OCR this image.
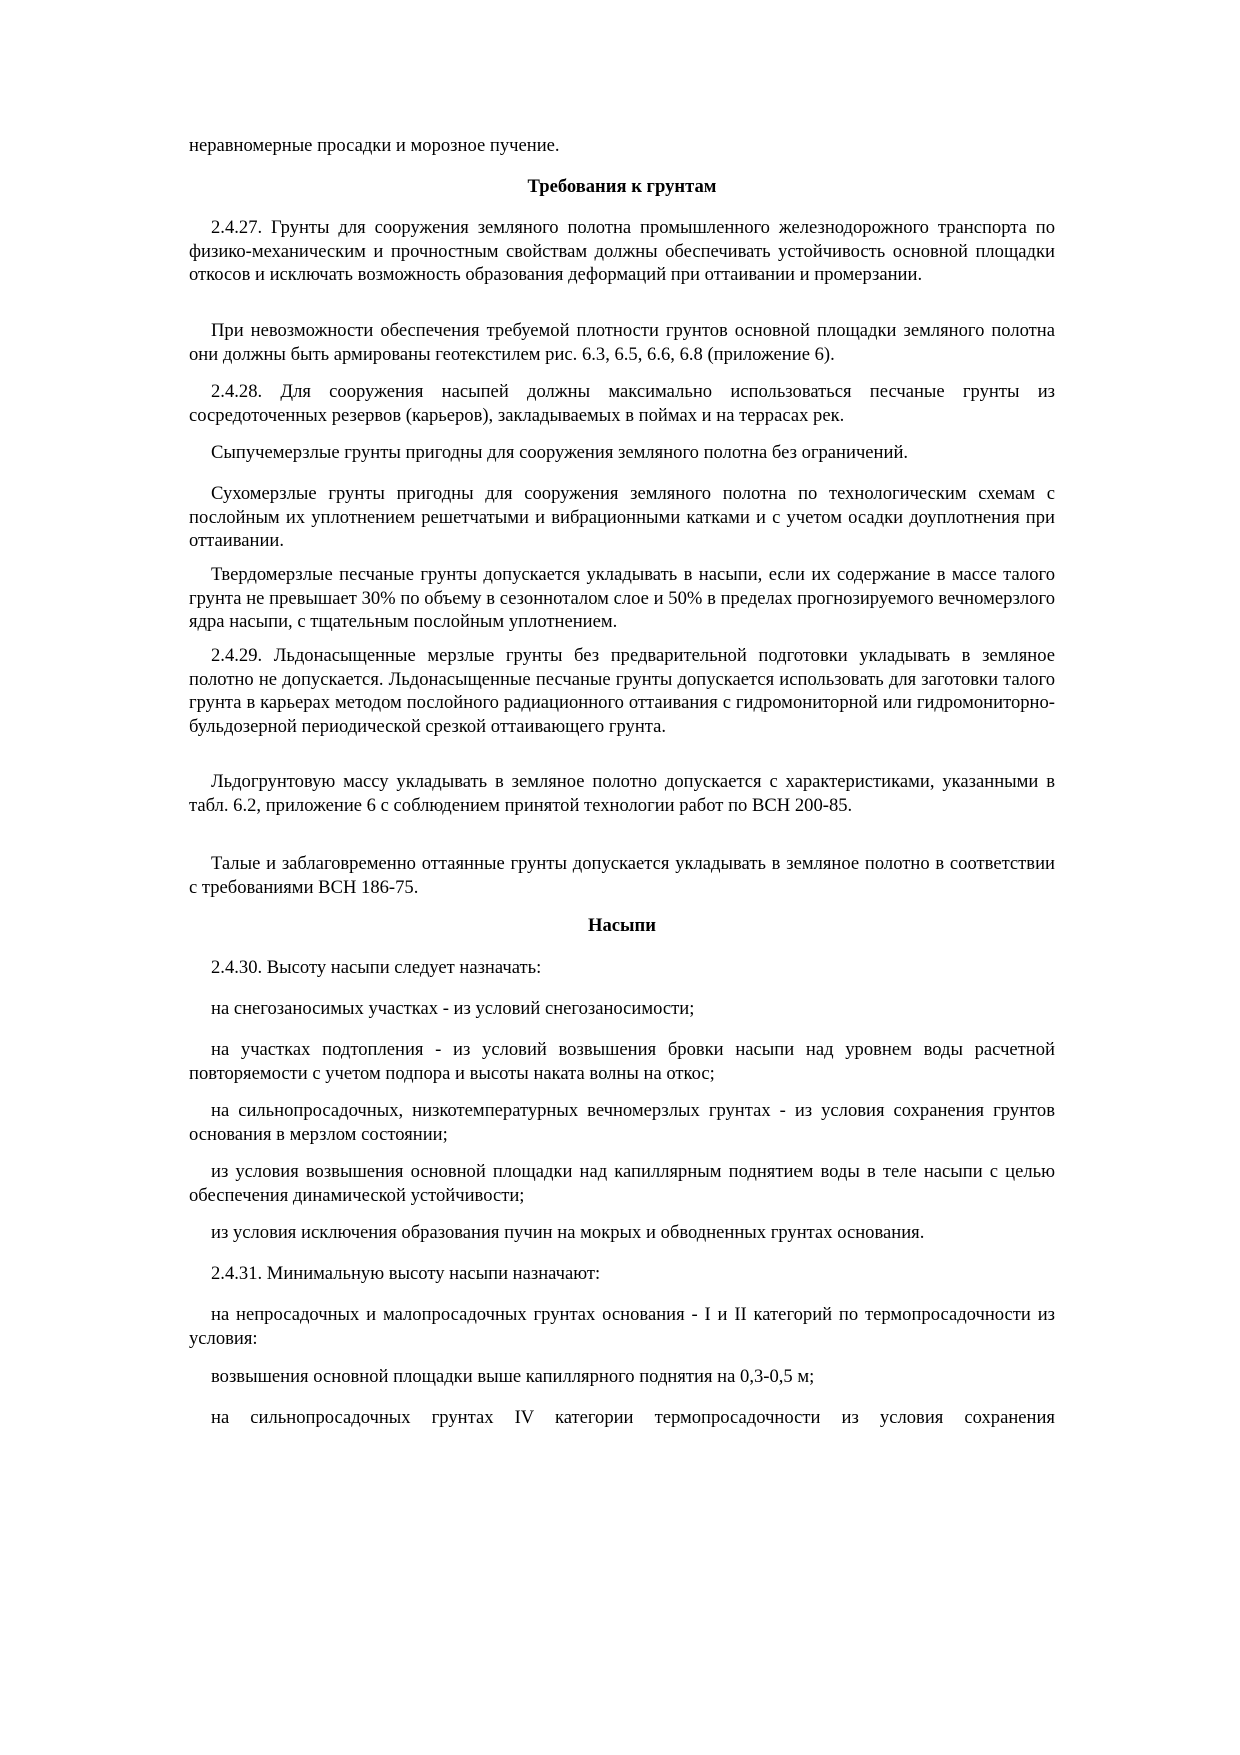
неравномерные просадки и морозное пучение.

Требования к грунтам

2.4.27. Грунты для сооружения земляного полотна промышленного железнодорожного транспорта по физико-механическим и прочностным свойствам должны обеспечивать устойчивость основной площадки откосов и исключать возможность образования деформаций при оттаивании и промерзании.

При невозможности обеспечения требуемой плотности грунтов основной площадки земляного полотна они должны быть армированы геотекстилем рис. 6.3, 6.5, 6.6, 6.8 (приложение 6).

2.4.28. Для сооружения насыпей должны максимально использоваться песчаные грунты из сосредоточенных резервов (карьеров), закладываемых в поймах и на террасах рек.

Сыпучемерзлые грунты пригодны для сооружения земляного полотна без ограничений.

Сухомерзлые грунты пригодны для сооружения земляного полотна по технологическим схемам с послойным их уплотнением решетчатыми и вибрационными катками и с учетом осадки доуплотнения при оттаивании.

Твердомерзлые песчаные грунты допускается укладывать в насыпи, если их содержание в массе талого грунта не превышает 30% по объему в сезонноталом слое и 50% в пределах прогнозируемого вечномерзлого ядра насыпи, с тщательным послойным уплотнением.

2.4.29. Льдонасыщенные мерзлые грунты без предварительной подготовки укладывать в земляное полотно не допускается. Льдонасыщенные песчаные грунты допускается использовать для заготовки талого грунта в карьерах методом послойного радиационного оттаивания с гидромониторной или гидромониторно-бульдозерной периодической срезкой оттаивающего грунта.

Льдогрунтовую массу укладывать в земляное полотно допускается с характеристиками, указанными в табл. 6.2, приложение 6 с соблюдением принятой технологии работ по ВСН 200-85.

Талые и заблаговременно оттаянные грунты допускается укладывать в земляное полотно в соответствии с требованиями ВСН 186-75.

Насыпи

2.4.30. Высоту насыпи следует назначать:

на снегозаносимых участках - из условий снегозаносимости;

на участках подтопления - из условий возвышения бровки насыпи над уровнем воды расчетной повторяемости с учетом подпора и высоты наката волны на откос;

на сильнопросадочных, низкотемпературных вечномерзлых грунтах - из условия сохранения грунтов основания в мерзлом состоянии;

из условия возвышения основной площадки над капиллярным поднятием воды в теле насыпи с целью обеспечения динамической устойчивости;

из условия исключения образования пучин на мокрых и обводненных грунтах основания.

2.4.31. Минимальную высоту насыпи назначают:

на непросадочных и малопросадочных грунтах основания - I и II категорий по термопросадочности из условия:

возвышения основной площадки выше капиллярного поднятия на 0,3-0,5 м;

на сильнопросадочных грунтах IV категории термопросадочности из условия сохранения
